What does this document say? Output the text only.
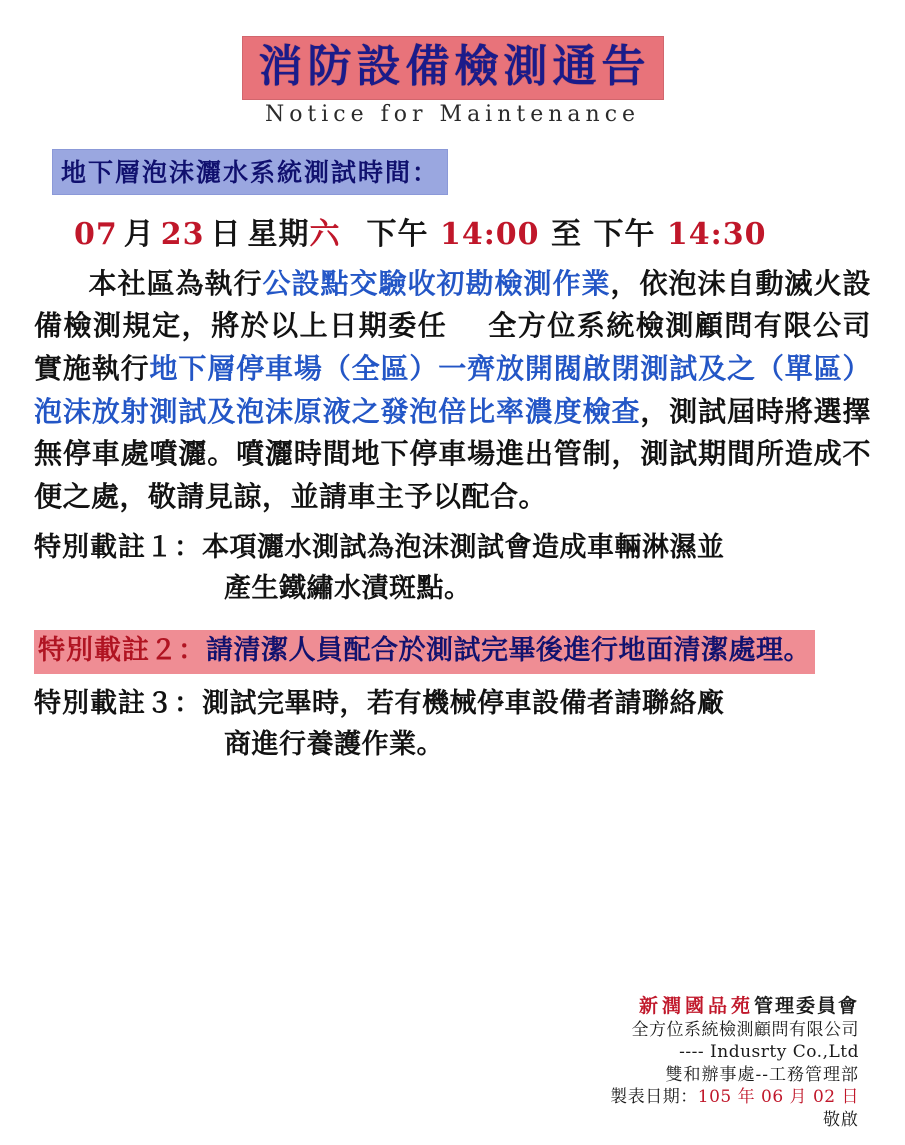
消防設備檢測通告
Notice for Maintenance
地下層泡沫灑水系統測試時間：
07 月 23 日 星期六 下午 14:00 至 下午 14:30
本社區為執行公設點交驗收初勘檢測作業，依泡沫自動滅火設備檢測規定，將於以上日期委任 全方位系統檢測顧問有限公司實施執行地下層停車場（全區）一齊放開閥啟閉測試及之（單區）泡沫放射測試及泡沫原液之發泡倍比率濃度檢查，測試屆時將選擇無停車處噴灑。噴灑時間地下停車場進出管制，測試期間所造成不便之處，敬請見諒，並請車主予以配合。
特別載註１：本項灑水測試為泡沫測試會造成車輛淋濕並
產生鐵繡水漬斑點。
特別載註２：請清潔人員配合於測試完畢後進行地面清潔處理。
特別載註３：測試完畢時，若有機械停車設備者請聯絡廠
商進行養護作業。
新潤國品苑管理委員會
全方位系統檢測顧問有限公司
---- Indusrty Co.,Ltd
雙和辦事處--工務管理部
製表日期：105 年 06 月 02 日
敬啟
